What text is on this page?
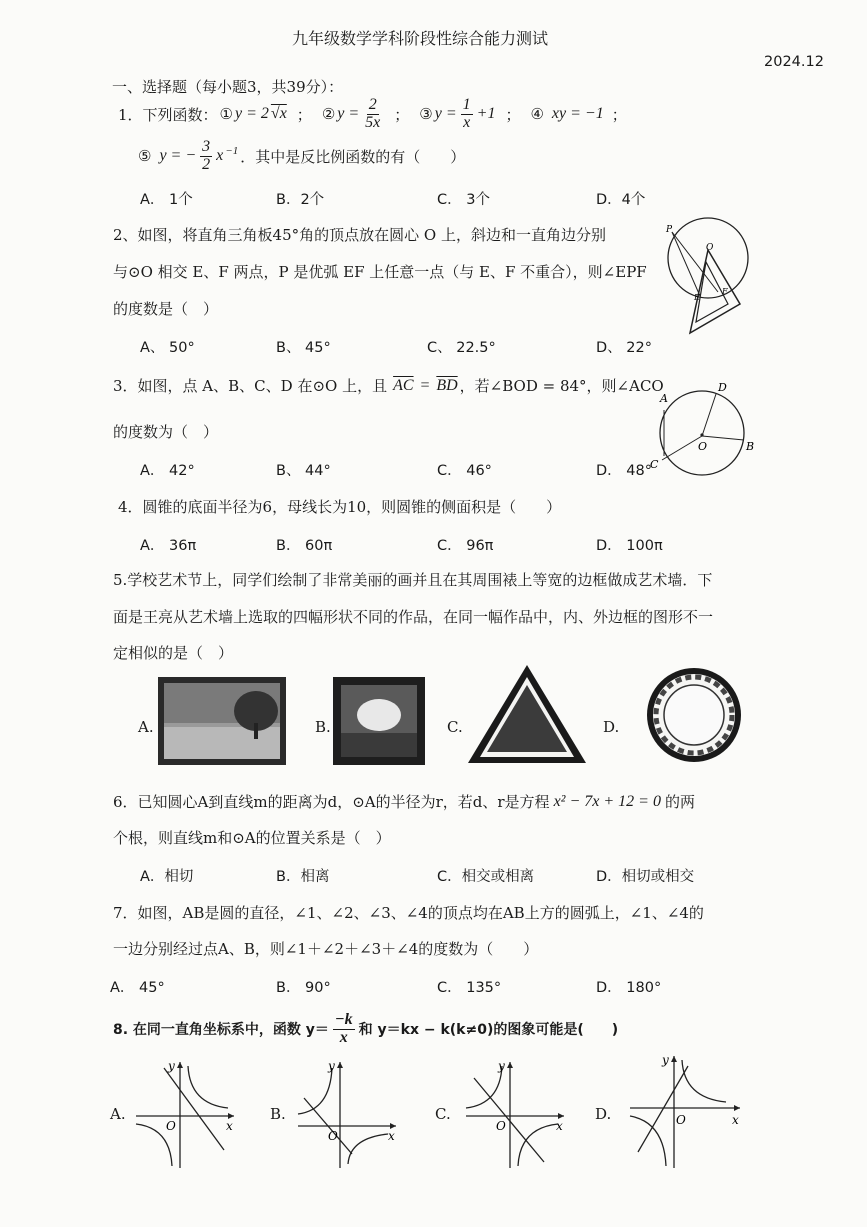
九年级数学学科阶段性综合能力测试
2024.12
一、选择题（每小题3，共39分）：
1．下列函数： ① y = 2 √x ； ② $y = \frac{2}{5x}$ ； ③ $y = \frac{1}{x} +1$ ； ④ xy = −1 ；
⑤ y = − $\frac{3}{2} x^{-1}$ ．其中是反比例函数的有（　　）
A． 1个	B．2个	C． 3个	D．4个
2、如图，将直角三角板45°角的顶点放在圆心 O 上，斜边和一直角边分别
与⊙O 相交 E、F 两点，P 是优弧 EF 上任意一点（与 E、F 不重合），则∠EPF
的度数是（　）
A、 50°	B、 45°	C、 22.5°	D、 22°
P
O
E
F
3．如图，点 A、B、C、D 在⊙O 上，且 $\overline{AC} = \overline{BD}$ ，若∠BOD = 84°，则∠ACO
的度数为（　）
A． 42°	B、 44°	C． 46°	D． 48°
A
B
C
D
O
4．圆锥的底面半径为6，母线长为10，则圆锥的侧面积是（　　）
A． 36π	B． 60π	C． 96π	D． 100π
5.学校艺术节上，同学们绘制了非常美丽的画并且在其周围裱上等宽的边框做成艺术墙．下
面是王亮从艺术墙上选取的四幅形状不同的作品，在同一幅作品中，内、外边框的图形不一
定相似的是（　）
A.	B.	C.	D.
6．已知圆心A到直线m的距离为d，⊙A的半径为r，若d、r是方程 x² − 7x + 12 = 0 的两
个根，则直线m和⊙A的位置关系是（　）
A．相切	B．相离	C．相交或相离	D．相切或相交
7．如图，AB是圆的直径，∠1、∠2、∠3、∠4的顶点均在AB上方的圆弧上，∠1、∠4的
一边分别经过点A、B，则∠1＋∠2＋∠3＋∠4的度数为（　　）
A． 45°	B． 90°	C． 135°	D． 180°
8. 在同一直角坐标系中，函数 $y= \frac{-k}{x}$ 和 y＝kx − k(k≠0)的图象可能是(　　)
A.
y
x
O
B.
y
x
O
C.
y
x
O
D.
y
x
O
